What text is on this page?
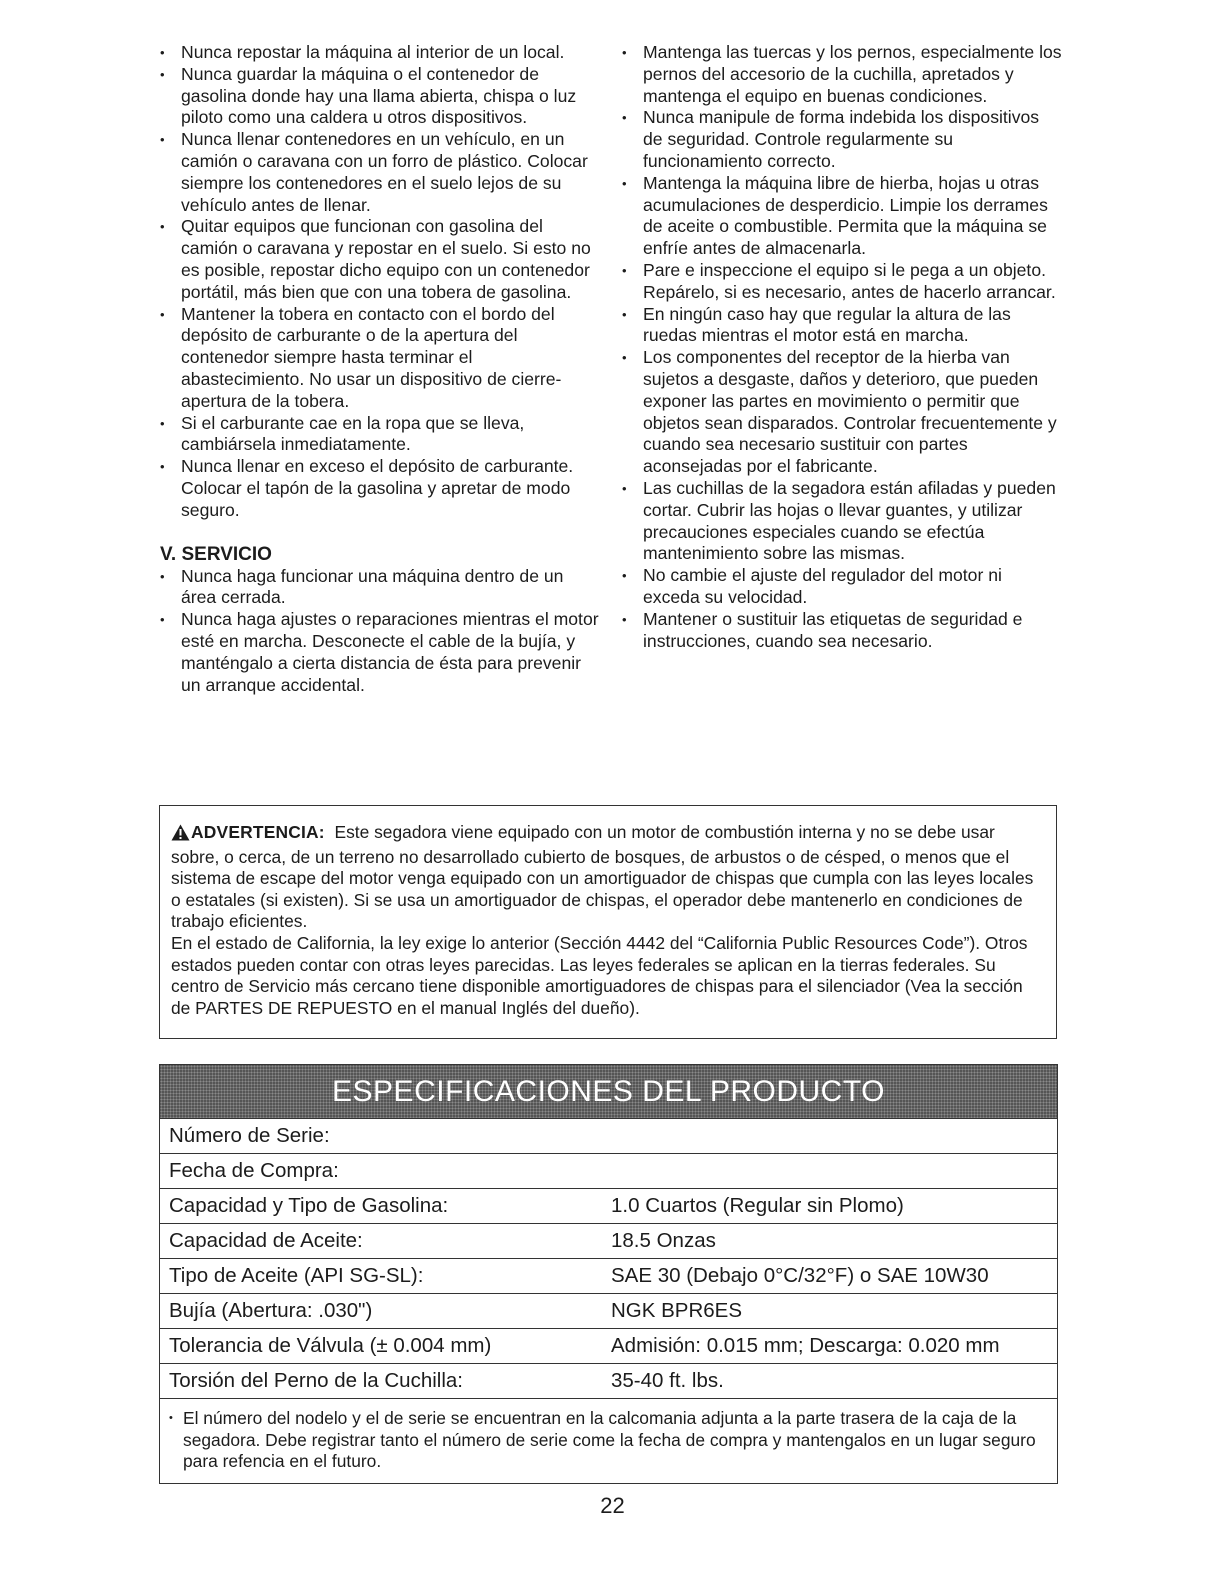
• Nunca repostar la máquina al interior de un local.
• Nunca guardar la máquina o el contenedor de gasolina donde hay una llama abierta, chispa o luz piloto como una caldera u otros dispositivos.
• Nunca llenar contenedores en un vehículo, en un camión o caravana con un forro de plástico. Colocar siempre los contenedores en el suelo lejos de su vehículo antes de llenar.
• Quitar equipos que funcionan con gasolina del camión o caravana y repostar en el suelo. Si esto no es posible, repostar dicho equipo con un contenedor portátil, más bien que con una tobera de gasolina.
• Mantener la tobera en contacto con el bordo del depósito de carburante o de la apertura del contenedor siempre hasta terminar el abastecimiento. No usar un dispositivo de cierre-apertura de la tobera.
• Si el carburante cae en la ropa que se lleva, cambiársela inmediatamente.
• Nunca llenar en exceso el depósito de carburante. Colocar el tapón de la gasolina y apretar de modo seguro.
V. SERVICIO
• Nunca haga funcionar una máquina dentro de un área cerrada.
• Nunca haga ajustes o reparaciones mientras el motor esté en marcha. Desconecte el cable de la bujía, y manténgalo a cierta distancia de ésta para prevenir un arranque accidental.
• Mantenga las tuercas y los pernos, especialmente los pernos del accesorio de la cuchilla, apretados y mantenga el equipo en buenas condiciones.
• Nunca manipule de forma indebida los dispositivos de seguridad. Controle regularmente su funcionamiento correcto.
• Mantenga la máquina libre de hierba, hojas u otras acumulaciones de desperdicio. Limpie los derrames de aceite o combustible. Permita que la máquina se enfríe antes de almacenarla.
• Pare e inspeccione el equipo si le pega a un objeto. Repárelo, si es necesario, antes de hacerlo arrancar.
• En ningún caso hay que regular la altura de las ruedas mientras el motor está en marcha.
• Los componentes del receptor de la hierba van sujetos a desgaste, daños y deterioro, que pueden exponer las partes en movimiento o permitir que objetos sean disparados. Controlar frecuentemente y cuando sea necesario sustituir con partes aconsejadas por el fabricante.
• Las cuchillas de la segadora están afiladas y pueden cortar. Cubrir las hojas o llevar guantes, y utilizar precauciones especiales cuando se efectúa mantenimiento sobre las mismas.
• No cambie el ajuste del regulador del motor ni exceda su velocidad.
• Mantener o sustituir las etiquetas de seguridad e instrucciones, cuando sea necesario.

ADVERTENCIA: Este segadora viene equipado con un motor de combustión interna y no se debe usar sobre, o cerca, de un terreno no desarrollado cubierto de bosques, de arbustos o de césped, o menos que el sistema de escape del motor venga equipado con un amortiguador de chispas que cumpla con las leyes locales o estatales (si existen). Si se usa un amortiguador de chispas, el operador debe mantenerlo en condiciones de trabajo eficientes.

En el estado de California, la ley exige lo anterior (Sección 4442 del “California Public Resources Code”). Otros estados pueden contar con otras leyes parecidas. Las leyes federales se aplican en la tierras federales. Su centro de Servicio más cercano tiene disponible amortiguadores de chispas para el silenciador (Vea la sección de PARTES DE REPUESTO en el manual Inglés del dueño).

ESPECIFICACIONES DEL PRODUCTO
Número de Serie:	
Fecha de Compra:	
Capacidad y Tipo de Gasolina:	1.0 Cuartos (Regular sin Plomo)
Capacidad de Aceite:	18.5 Onzas
Tipo de Aceite (API SG-SL):	SAE 30 (Debajo 0°C/32°F) o SAE 10W30
Bujía (Abertura: .030")	NGK BPR6ES
Tolerancia de Válvula (± 0.004 mm)	Admisión: 0.015 mm; Descarga: 0.020 mm
Torsión del Perno de la Cuchilla:	35-40 ft. lbs.
• El número del nodelo y el de serie se encuentran en la calcomania adjunta a la parte trasera de la caja de la segadora. Debe registrar tanto el número de serie come la fecha de compra y mantengalos en un lugar seguro para refencia en el futuro.
22
